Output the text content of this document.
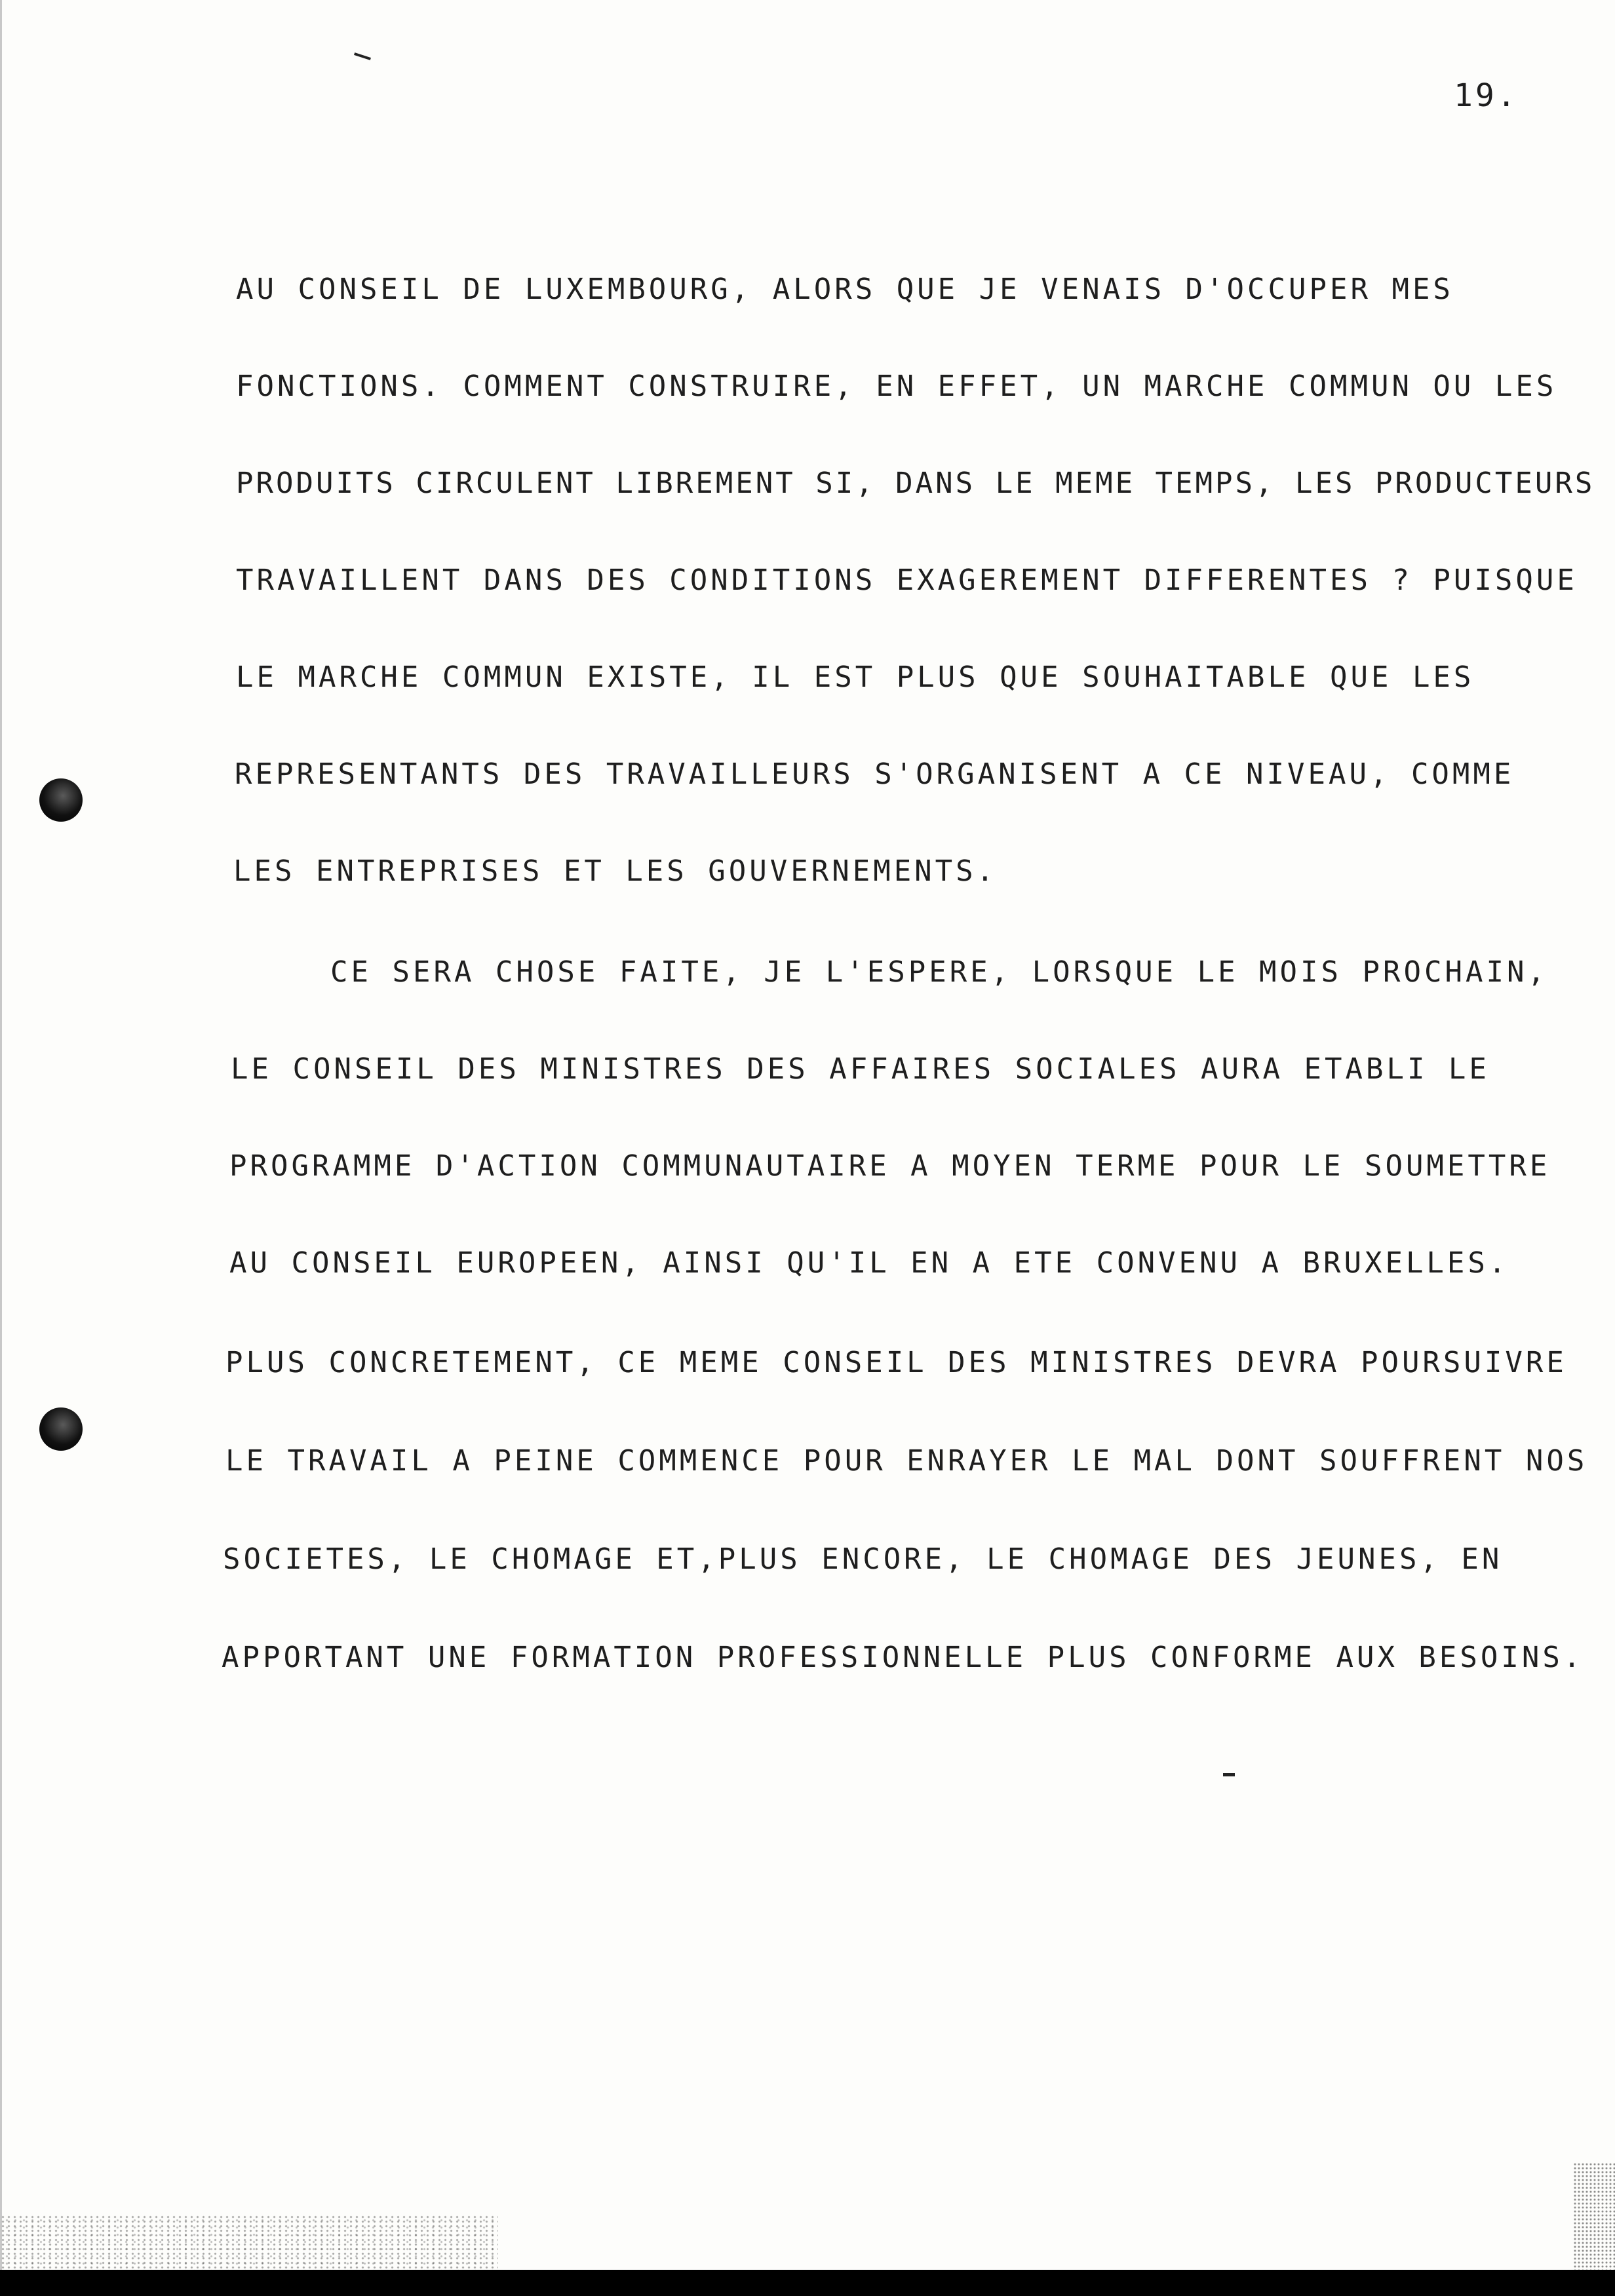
19.
AU CONSEIL DE LUXEMBOURG, ALORS QUE JE VENAIS D'OCCUPER MES
FONCTIONS. COMMENT CONSTRUIRE, EN EFFET, UN MARCHE COMMUN OU LES
PRODUITS CIRCULENT LIBREMENT SI, DANS LE MEME TEMPS, LES PRODUCTEURS
TRAVAILLENT DANS DES CONDITIONS EXAGEREMENT DIFFERENTES ? PUISQUE
LE MARCHE COMMUN EXISTE, IL EST PLUS QUE SOUHAITABLE QUE LES
REPRESENTANTS DES TRAVAILLEURS S'ORGANISENT A CE NIVEAU, COMME
LES ENTREPRISES ET LES GOUVERNEMENTS.
CE SERA CHOSE FAITE, JE L'ESPERE, LORSQUE LE MOIS PROCHAIN,
LE CONSEIL DES MINISTRES DES AFFAIRES SOCIALES AURA ETABLI LE
PROGRAMME D'ACTION COMMUNAUTAIRE A MOYEN TERME POUR LE SOUMETTRE
AU CONSEIL EUROPEEN, AINSI QU'IL EN A ETE CONVENU A BRUXELLES.
PLUS CONCRETEMENT, CE MEME CONSEIL DES MINISTRES DEVRA POURSUIVRE
LE TRAVAIL A PEINE COMMENCE POUR ENRAYER LE MAL DONT SOUFFRENT NOS
SOCIETES, LE CHOMAGE ET,PLUS ENCORE, LE CHOMAGE DES JEUNES, EN
APPORTANT UNE FORMATION PROFESSIONNELLE PLUS CONFORME AUX BESOINS.
